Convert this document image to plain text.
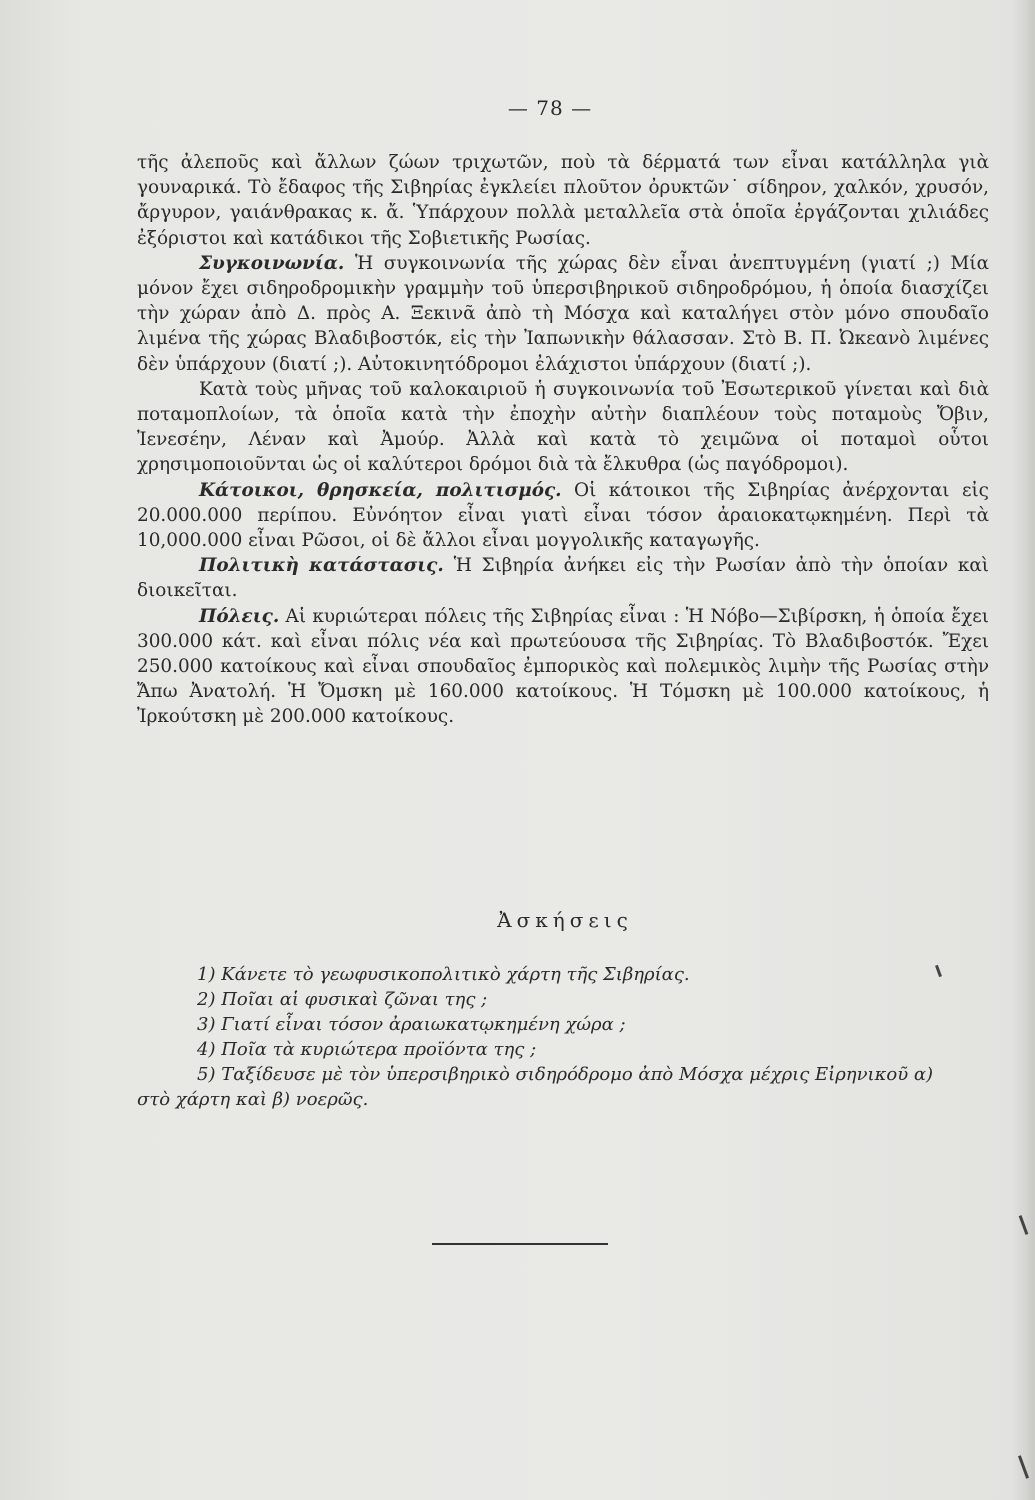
— 78 —

τῆς ἀλεποῦς καὶ ἄλλων ζώων τριχωτῶν, ποὺ τὰ δέρματά των εἶναι κατάλληλα γιὰ γουναρικά. Τὸ ἔδαφος τῆς Σιβηρίας ἐγκλείει πλοῦτον ὀρυκτῶν˙ σίδηρον, χαλκόν, χρυσόν, ἄργυρον, γαιάνθρακας κ. ἄ. Ὑπάρχουν πολλὰ μεταλλεῖα στὰ ὁποῖα ἐργάζονται χιλιάδες ἐξόριστοι καὶ κατάδικοι τῆς Σοβιετικῆς Ρωσίας.

Συγκοινωνία. Ἡ συγκοινωνία τῆς χώρας δὲν εἶναι ἀνεπτυγμένη (γιατί ;) Μία μόνον ἔχει σιδηροδρομικὴν γραμμὴν τοῦ ὑπερσιβηρικοῦ σιδηροδρόμου, ἡ ὁποία διασχίζει τὴν χώραν ἀπὸ Δ. πρὸς Α. Ξεκινᾶ ἀπὸ τὴ Μόσχα καὶ καταλήγει στὸν μόνο σπουδαῖο λιμένα τῆς χώρας Βλαδιβοστόκ, εἰς τὴν Ἰαπωνικὴν θάλασσαν. Στὸ Β. Π. Ὠκεανὸ λιμένες δὲν ὑπάρχουν (διατί ;). Αὐτοκινητόδρομοι ἐλάχιστοι ὑπάρχουν (διατί ;).

Κατὰ τοὺς μῆνας τοῦ καλοκαιριοῦ ἡ συγκοινωνία τοῦ Ἐσωτερικοῦ γίνεται καὶ διὰ ποταμοπλοίων, τὰ ὁποῖα κατὰ τὴν ἐποχὴν αὐτὴν διαπλέουν τοὺς ποταμοὺς Ὄβιν, Ἰενεσέην, Λέναν καὶ Ἀμούρ. Ἀλλὰ καὶ κατὰ τὸ χειμῶνα οἱ ποταμοὶ οὗτοι χρησιμοποιοῦνται ὡς οἱ καλύτεροι δρόμοι διὰ τὰ ἔλκυθρα (ὡς παγόδρομοι).

Κάτοικοι, θρησκεία, πολιτισμός. Οἱ κάτοικοι τῆς Σιβηρίας ἀνέρχονται εἰς 20.000.000 περίπου. Εὐνόητον εἶναι γιατὶ εἶναι τόσον ἀραιοκατῳκημένη. Περὶ τὰ 10,000.000 εἶναι Ρῶσοι, οἱ δὲ ἄλλοι εἶναι μογγολικῆς καταγωγῆς.

Πολιτικὴ κατάστασις. Ἡ Σιβηρία ἀνήκει εἰς τὴν Ρωσίαν ἀπὸ τὴν ὁποίαν καὶ διοικεῖται.

Πόλεις. Αἱ κυριώτεραι πόλεις τῆς Σιβηρίας εἶναι : Ἡ Νόβο—Σιβίρσκη, ἡ ὁποία ἔχει 300.000 κάτ. καὶ εἶναι πόλις νέα καὶ πρωτεύουσα τῆς Σιβηρίας. Τὸ Βλαδιβοστόκ. Ἔχει 250.000 κατοίκους καὶ εἶναι σπουδαῖος ἐμπορικὸς καὶ πολεμικὸς λιμὴν τῆς Ρωσίας στὴν Ἄπω Ἀνατολή. Ἡ Ὄμσκη μὲ 160.000 κατοίκους. Ἡ Τόμσκη μὲ 100.000 κατοίκους, ἡ Ἰρκούτσκη μὲ 200.000 κατοίκους.

Ἀσκήσεις

1) Κάνετε τὸ γεωφυσικοπολιτικὸ χάρτη τῆς Σιβηρίας.

2) Ποῖαι αἱ φυσικαὶ ζῶναι της ;

3) Γιατί εἶναι τόσον ἀραιωκατῳκημένη χώρα ;

4) Ποῖα τὰ κυριώτερα προϊόντα της ;

5) Ταξίδευσε μὲ τὸν ὑπερσιβηρικὸ σιδηρόδρομο ἀπὸ Μόσχα μέχρις Εἰρηνικοῦ α) στὸ χάρτη καὶ β) νοερῶς.
